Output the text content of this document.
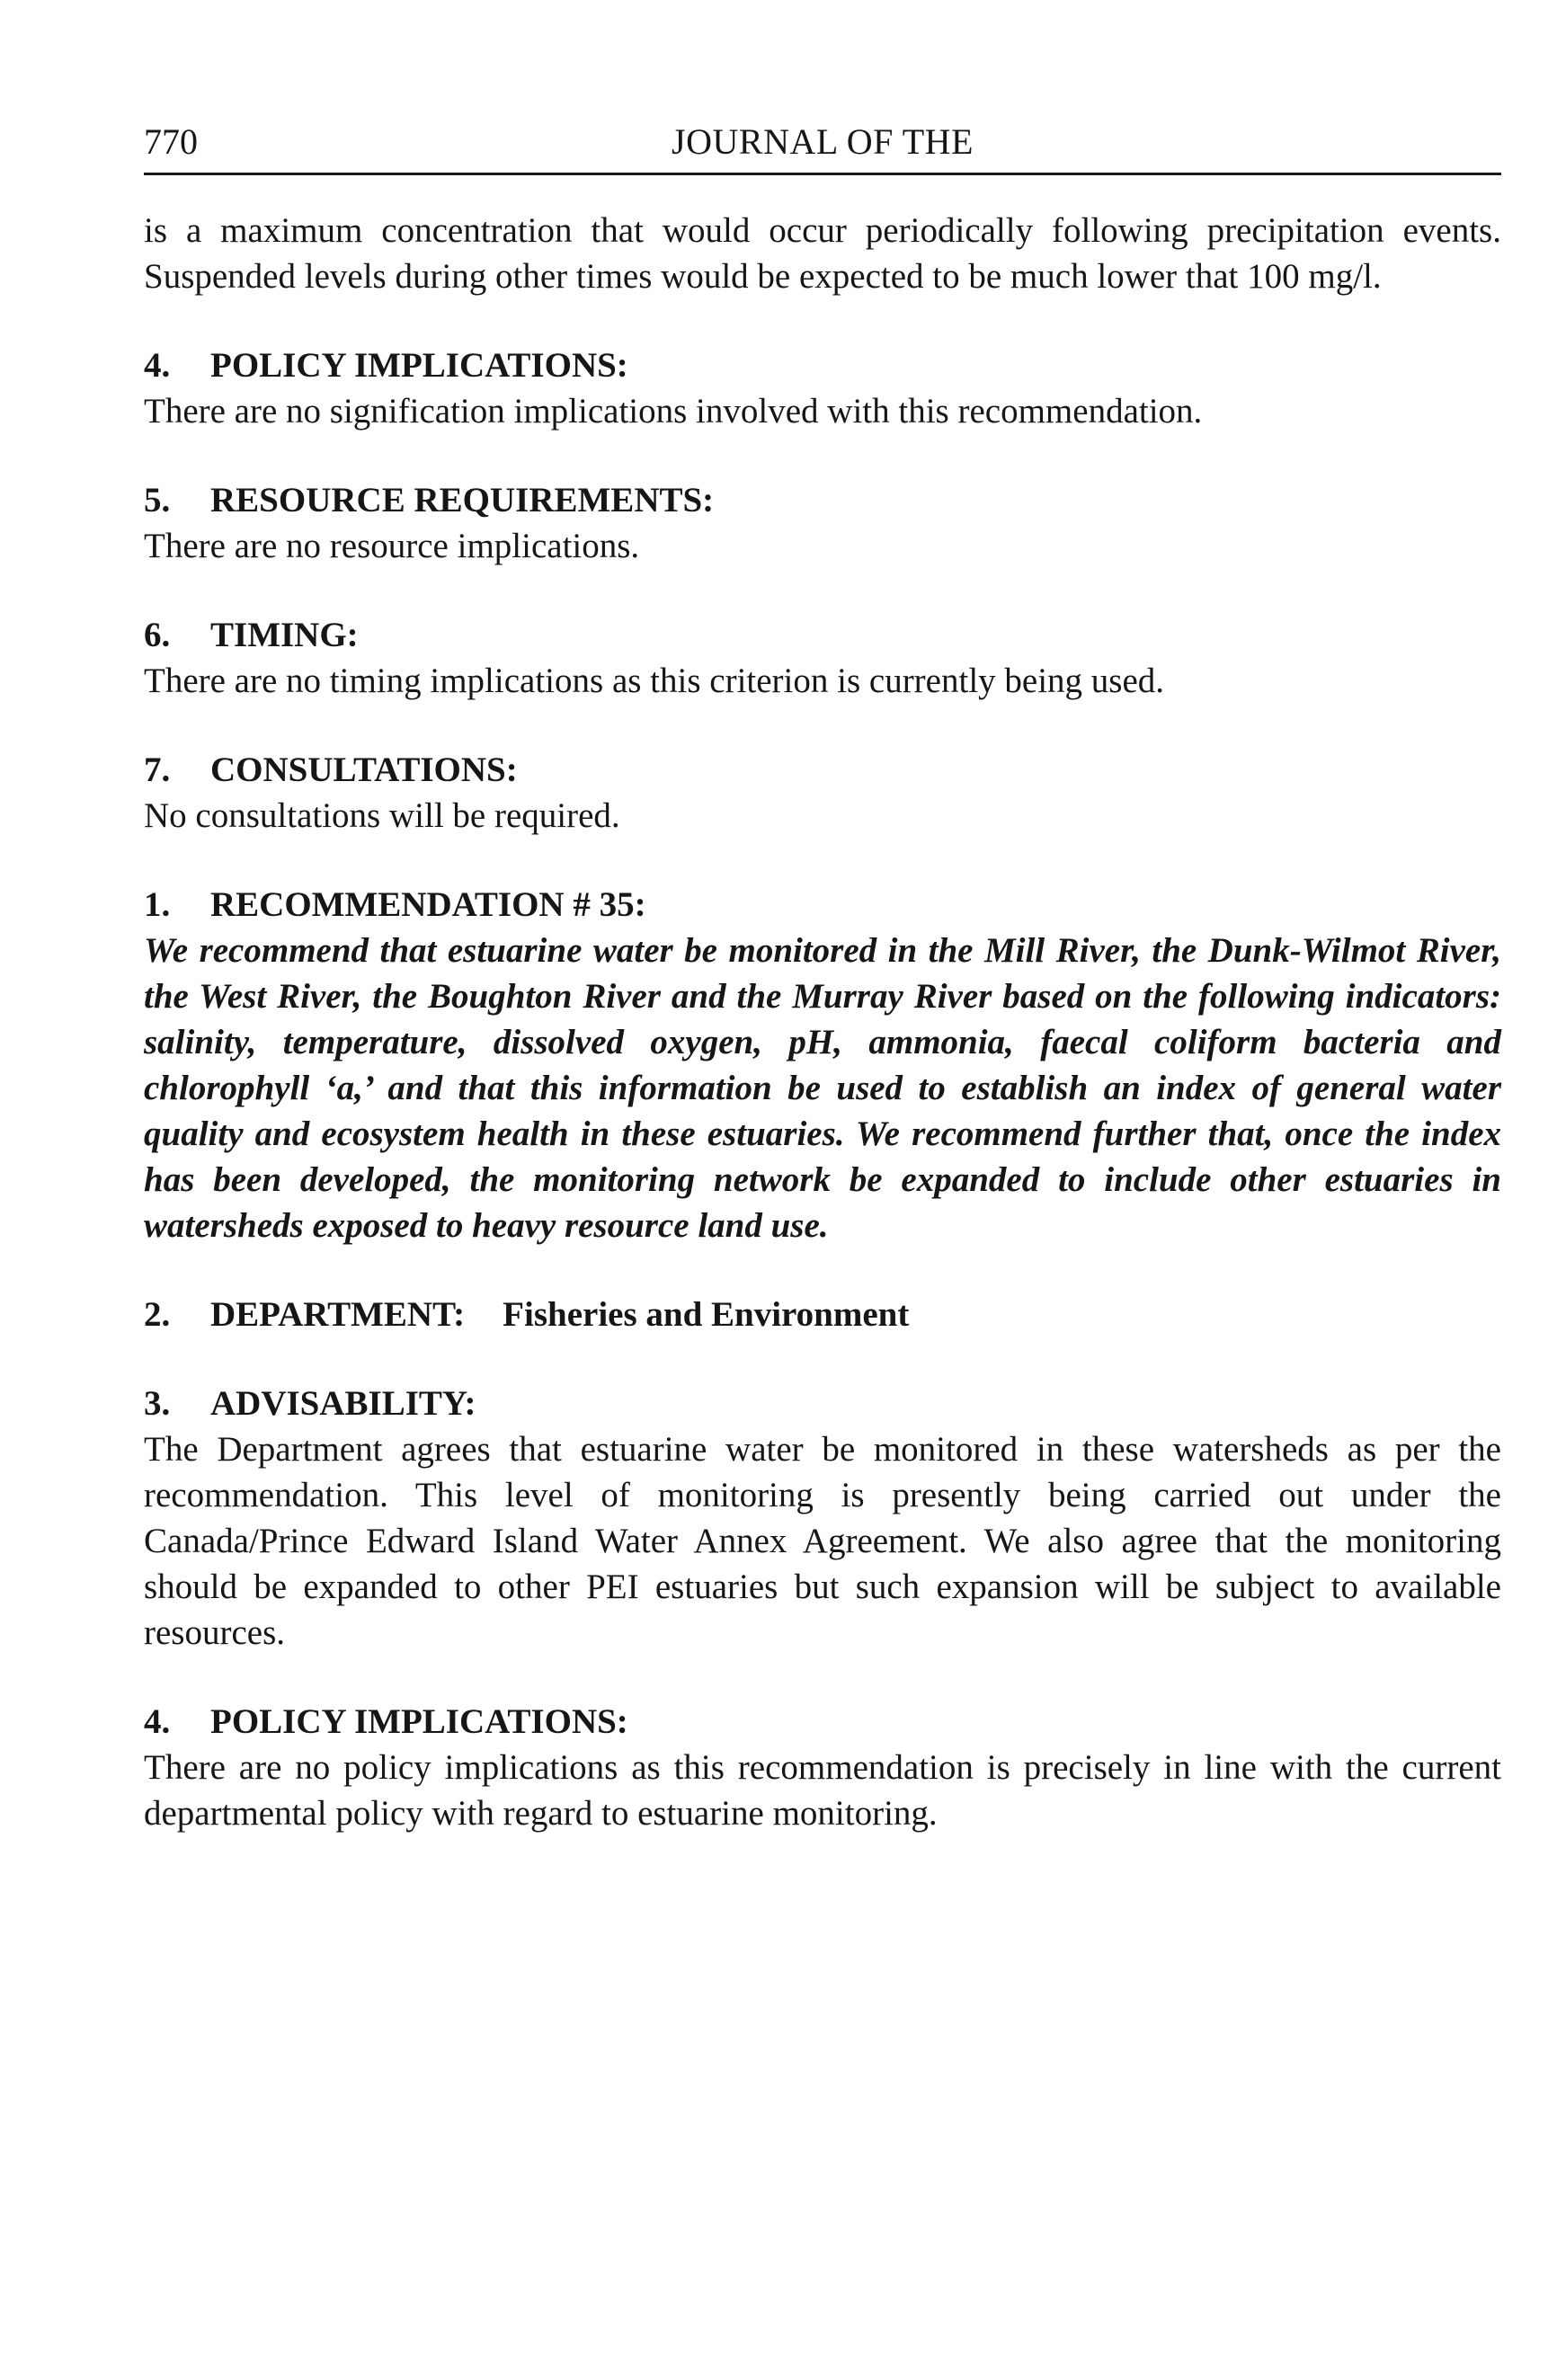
770	JOURNAL OF THE

is a maximum concentration that would occur periodically following precipitation events. Suspended levels during other times would be expected to be much lower that 100 mg/l.

4. POLICY IMPLICATIONS:

There are no signification implications involved with this recommendation.

5. RESOURCE REQUIREMENTS:

There are no resource implications.

6. TIMING:

There are no timing implications as this criterion is currently being used.

7. CONSULTATIONS:

No consultations will be required.

1. RECOMMENDATION # 35:

We recommend that estuarine water be monitored in the Mill River, the Dunk-Wilmot River, the West River, the Boughton River and the Murray River based on the following indicators: salinity, temperature, dissolved oxygen, pH, ammonia, faecal coliform bacteria and chlorophyll ‘a,’ and that this information be used to establish an index of general water quality and ecosystem health in these estuaries. We recommend further that, once the index has been developed, the monitoring network be expanded to include other estuaries in watersheds exposed to heavy resource land use.

2. DEPARTMENT: Fisheries and Environment
3. ADVISABILITY:

The Department agrees that estuarine water be monitored in these watersheds as per the recommendation. This level of monitoring is presently being carried out under the Canada/Prince Edward Island Water Annex Agreement. We also agree that the monitoring should be expanded to other PEI estuaries but such expansion will be subject to available resources.

4. POLICY IMPLICATIONS:

There are no policy implications as this recommendation is precisely in line with the current departmental policy with regard to estuarine monitoring.
